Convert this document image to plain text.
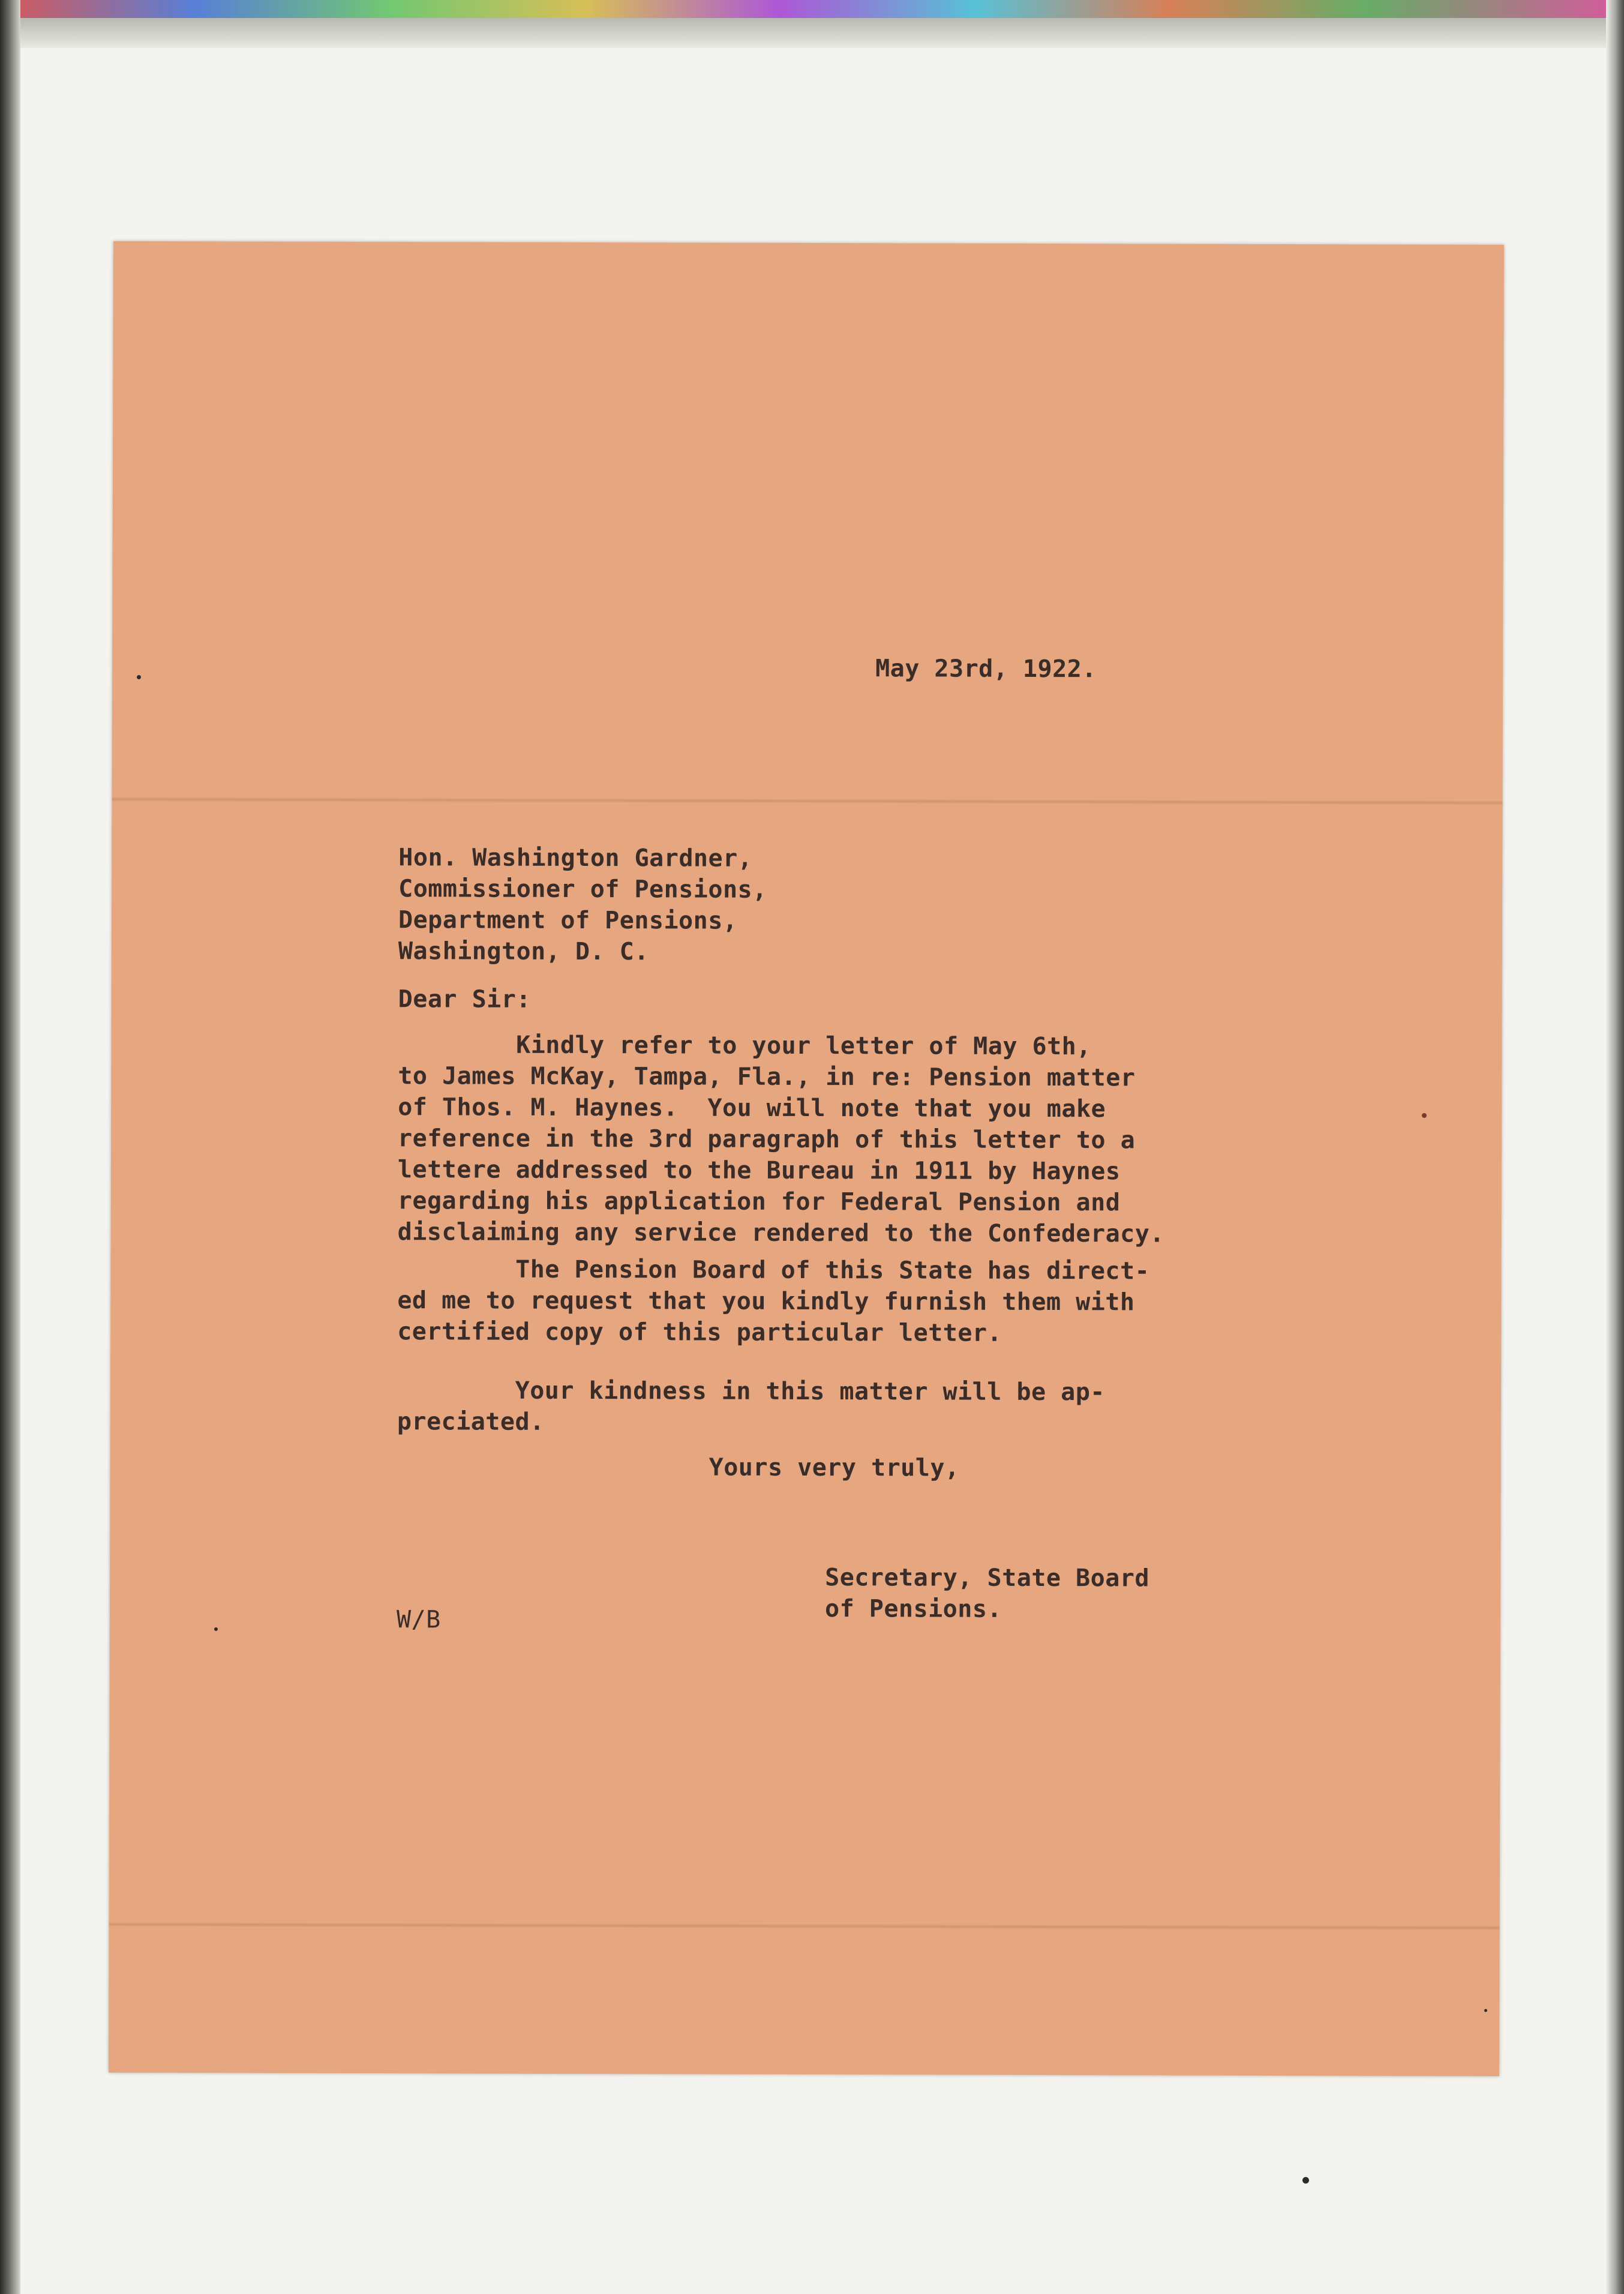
May 23rd, 1922.

Hon. Washington Gardner,
Commissioner of Pensions,
Department of Pensions,
Washington, D. C.

Dear Sir:

Kindly refer to your letter of May 6th,
to James McKay, Tampa, Fla., in re: Pension matter
of Thos. M. Haynes.  You will note that you make
reference in the 3rd paragraph of this letter to a
lettere addressed to the Bureau in 1911 by Haynes
regarding his application for Federal Pension and
disclaiming any service rendered to the Confederacy.

The Pension Board of this State has direct-
ed me to request that you kindly furnish them with
certified copy of this particular letter.

Your kindness in this matter will be ap-
preciated.

Yours very truly,

Secretary, State Board
of Pensions.

W/B
